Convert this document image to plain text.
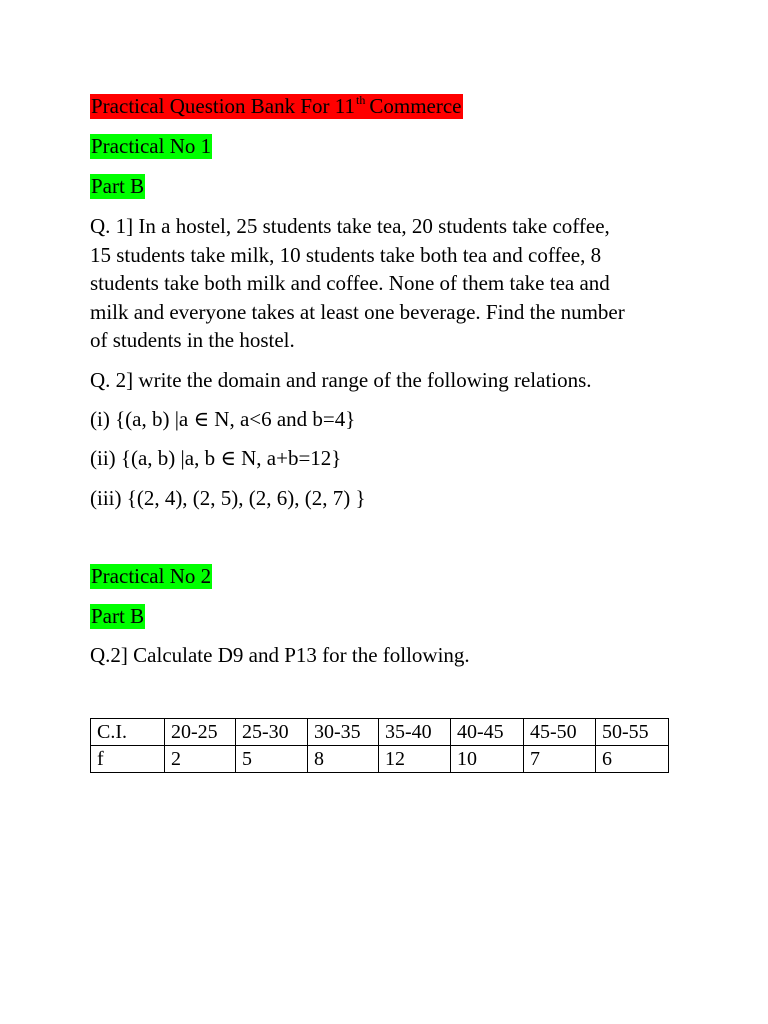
Practical Question Bank For 11th Commerce
Practical No 1
Part B
Q. 1] In a hostel, 25 students take tea, 20 students take coffee,
15 students take milk, 10 students take both tea and coffee, 8
students take both milk and coffee. None of them take tea and
milk and everyone takes at least one beverage. Find the number
of students in the hostel.
Q. 2] write the domain and range of the following relations.
(i) {(a, b) |a ∈ N, a<6 and b=4}
(ii) {(a, b) |a, b ∈ N, a+b=12}
(iii) {(2, 4), (2, 5), (2, 6), (2, 7) }
Practical No 2
Part B
Q.2] Calculate D9 and P13 for the following.
C.I.	20-25	25-30	30-35	35-40	40-45	45-50	50-55
f	2	5	8	12	10	7	6
